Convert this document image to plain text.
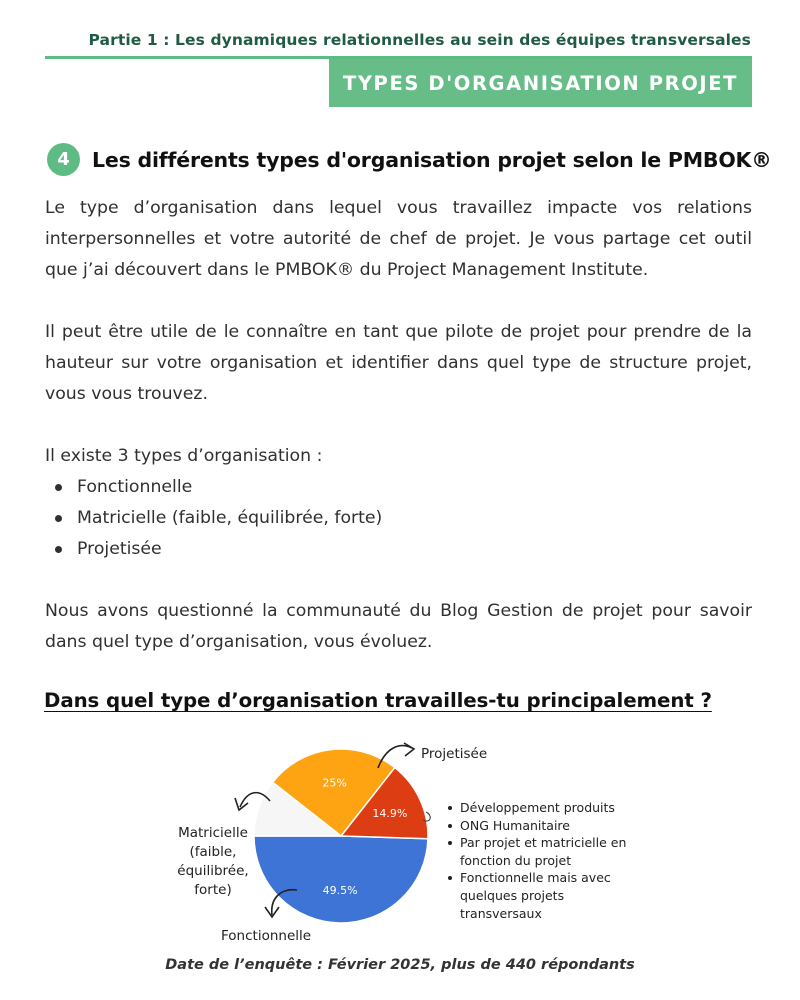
Partie 1 : Les dynamiques relationnelles au sein des équipes transversales
TYPES D'ORGANISATION PROJET
4	Les différents types d'organisation projet selon le PMBOK®
Le type d’organisation dans lequel vous travaillez impacte vos relations interpersonnelles et votre autorité de chef de projet. Je vous partage cet outil que j’ai découvert dans le PMBOK® du Project Management Institute.
Il peut être utile de le connaître en tant que pilote de projet pour prendre de la hauteur sur votre organisation et identifier dans quel type de structure projet, vous vous trouvez.
Il existe 3 types d’organisation :
Fonctionnelle
Matricielle (faible, équilibrée, forte)
Projetisée
Nous avons questionné la communauté du Blog Gestion de projet pour savoir dans quel type d’organisation, vous évoluez.
Dans quel type d’organisation travailles-tu principalement ?
49.5%
14.9%
25%
Projetisée
Matricielle
(faible,
équilibrée,
forte)
Fonctionnelle
Développement produits
ONG Humanitaire
Par projet et matricielle en fonction du projet
Fonctionnelle mais avec quelques projets transversaux
Date de l’enquête : Février 2025, plus de 440 répondants
